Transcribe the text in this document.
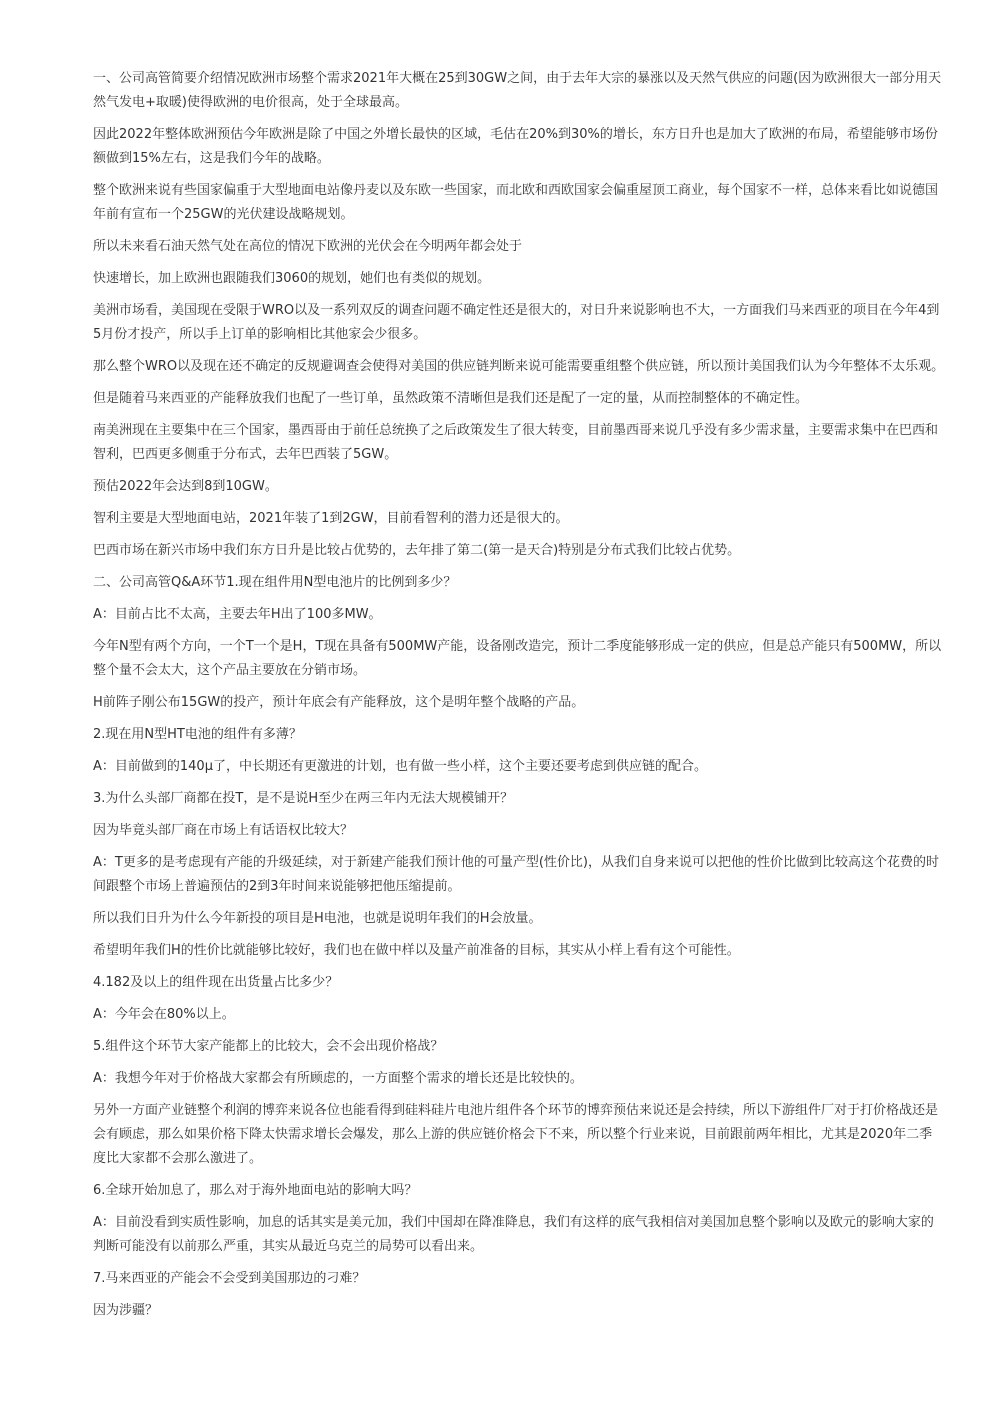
一、公司高管简要介绍情况欧洲市场整个需求2021年大概在25到30GW之间，由于去年大宗的暴涨以及天然气供应的问题(因为欧洲很大一部分用天然气发电+取暖)使得欧洲的电价很高，处于全球最高。

因此2022年整体欧洲预估今年欧洲是除了中国之外增长最快的区域，毛估在20%到30%的增长，东方日升也是加大了欧洲的布局，希望能够市场份额做到15%左右，这是我们今年的战略。

整个欧洲来说有些国家偏重于大型地面电站像丹麦以及东欧一些国家，而北欧和西欧国家会偏重屋顶工商业，每个国家不一样，总体来看比如说德国年前有宣布一个25GW的光伏建设战略规划。

所以未来看石油天然气处在高位的情况下欧洲的光伏会在今明两年都会处于

快速增长，加上欧洲也跟随我们3060的规划，她们也有类似的规划。

美洲市场看，美国现在受限于WRO以及一系列双反的调查问题不确定性还是很大的，对日升来说影响也不大，一方面我们马来西亚的项目在今年4到5月份才投产，所以手上订单的影响相比其他家会少很多。

那么整个WRO以及现在还不确定的反规避调查会使得对美国的供应链判断来说可能需要重组整个供应链，所以预计美国我们认为今年整体不太乐观。

但是随着马来西亚的产能释放我们也配了一些订单，虽然政策不清晰但是我们还是配了一定的量，从而控制整体的不确定性。

南美洲现在主要集中在三个国家，墨西哥由于前任总统换了之后政策发生了很大转变，目前墨西哥来说几乎没有多少需求量，主要需求集中在巴西和智利，巴西更多侧重于分布式，去年巴西装了5GW。

预估2022年会达到8到10GW。

智利主要是大型地面电站，2021年装了1到2GW，目前看智利的潜力还是很大的。

巴西市场在新兴市场中我们东方日升是比较占优势的，去年排了第二(第一是天合)特别是分布式我们比较占优势。

二、公司高管Q&A环节1.现在组件用N型电池片的比例到多少？

A：目前占比不太高，主要去年H出了100多MW。

今年N型有两个方向，一个T一个是H，T现在具备有500MW产能，设备刚改造完，预计二季度能够形成一定的供应，但是总产能只有500MW，所以整个量不会太大，这个产品主要放在分销市场。

H前阵子刚公布15GW的投产，预计年底会有产能释放，这个是明年整个战略的产品。

2.现在用N型HT电池的组件有多薄？

A：目前做到的140μ了，中长期还有更激进的计划，也有做一些小样，这个主要还要考虑到供应链的配合。

3.为什么头部厂商都在投T，是不是说H至少在两三年内无法大规模铺开？

因为毕竟头部厂商在市场上有话语权比较大？

A：T更多的是考虑现有产能的升级延续，对于新建产能我们预计他的可量产型(性价比)，从我们自身来说可以把他的性价比做到比较高这个花费的时间跟整个市场上普遍预估的2到3年时间来说能够把他压缩提前。

所以我们日升为什么今年新投的项目是H电池，也就是说明年我们的H会放量。

希望明年我们H的性价比就能够比较好，我们也在做中样以及量产前准备的目标，其实从小样上看有这个可能性。

4.182及以上的组件现在出货量占比多少？

A：今年会在80%以上。

5.组件这个环节大家产能都上的比较大，会不会出现价格战？

A：我想今年对于价格战大家都会有所顾虑的，一方面整个需求的增长还是比较快的。

另外一方面产业链整个利润的博弈来说各位也能看得到硅料硅片电池片组件各个环节的博弈预估来说还是会持续，所以下游组件厂对于打价格战还是会有顾虑，那么如果价格下降太快需求增长会爆发，那么上游的供应链价格会下不来，所以整个行业来说，目前跟前两年相比，尤其是2020年二季度比大家都不会那么激进了。

6.全球开始加息了，那么对于海外地面电站的影响大吗？

A：目前没看到实质性影响，加息的话其实是美元加，我们中国却在降准降息，我们有这样的底气我相信对美国加息整个影响以及欧元的影响大家的判断可能没有以前那么严重，其实从最近乌克兰的局势可以看出来。

7.马来西亚的产能会不会受到美国那边的刁难？

因为涉疆？
